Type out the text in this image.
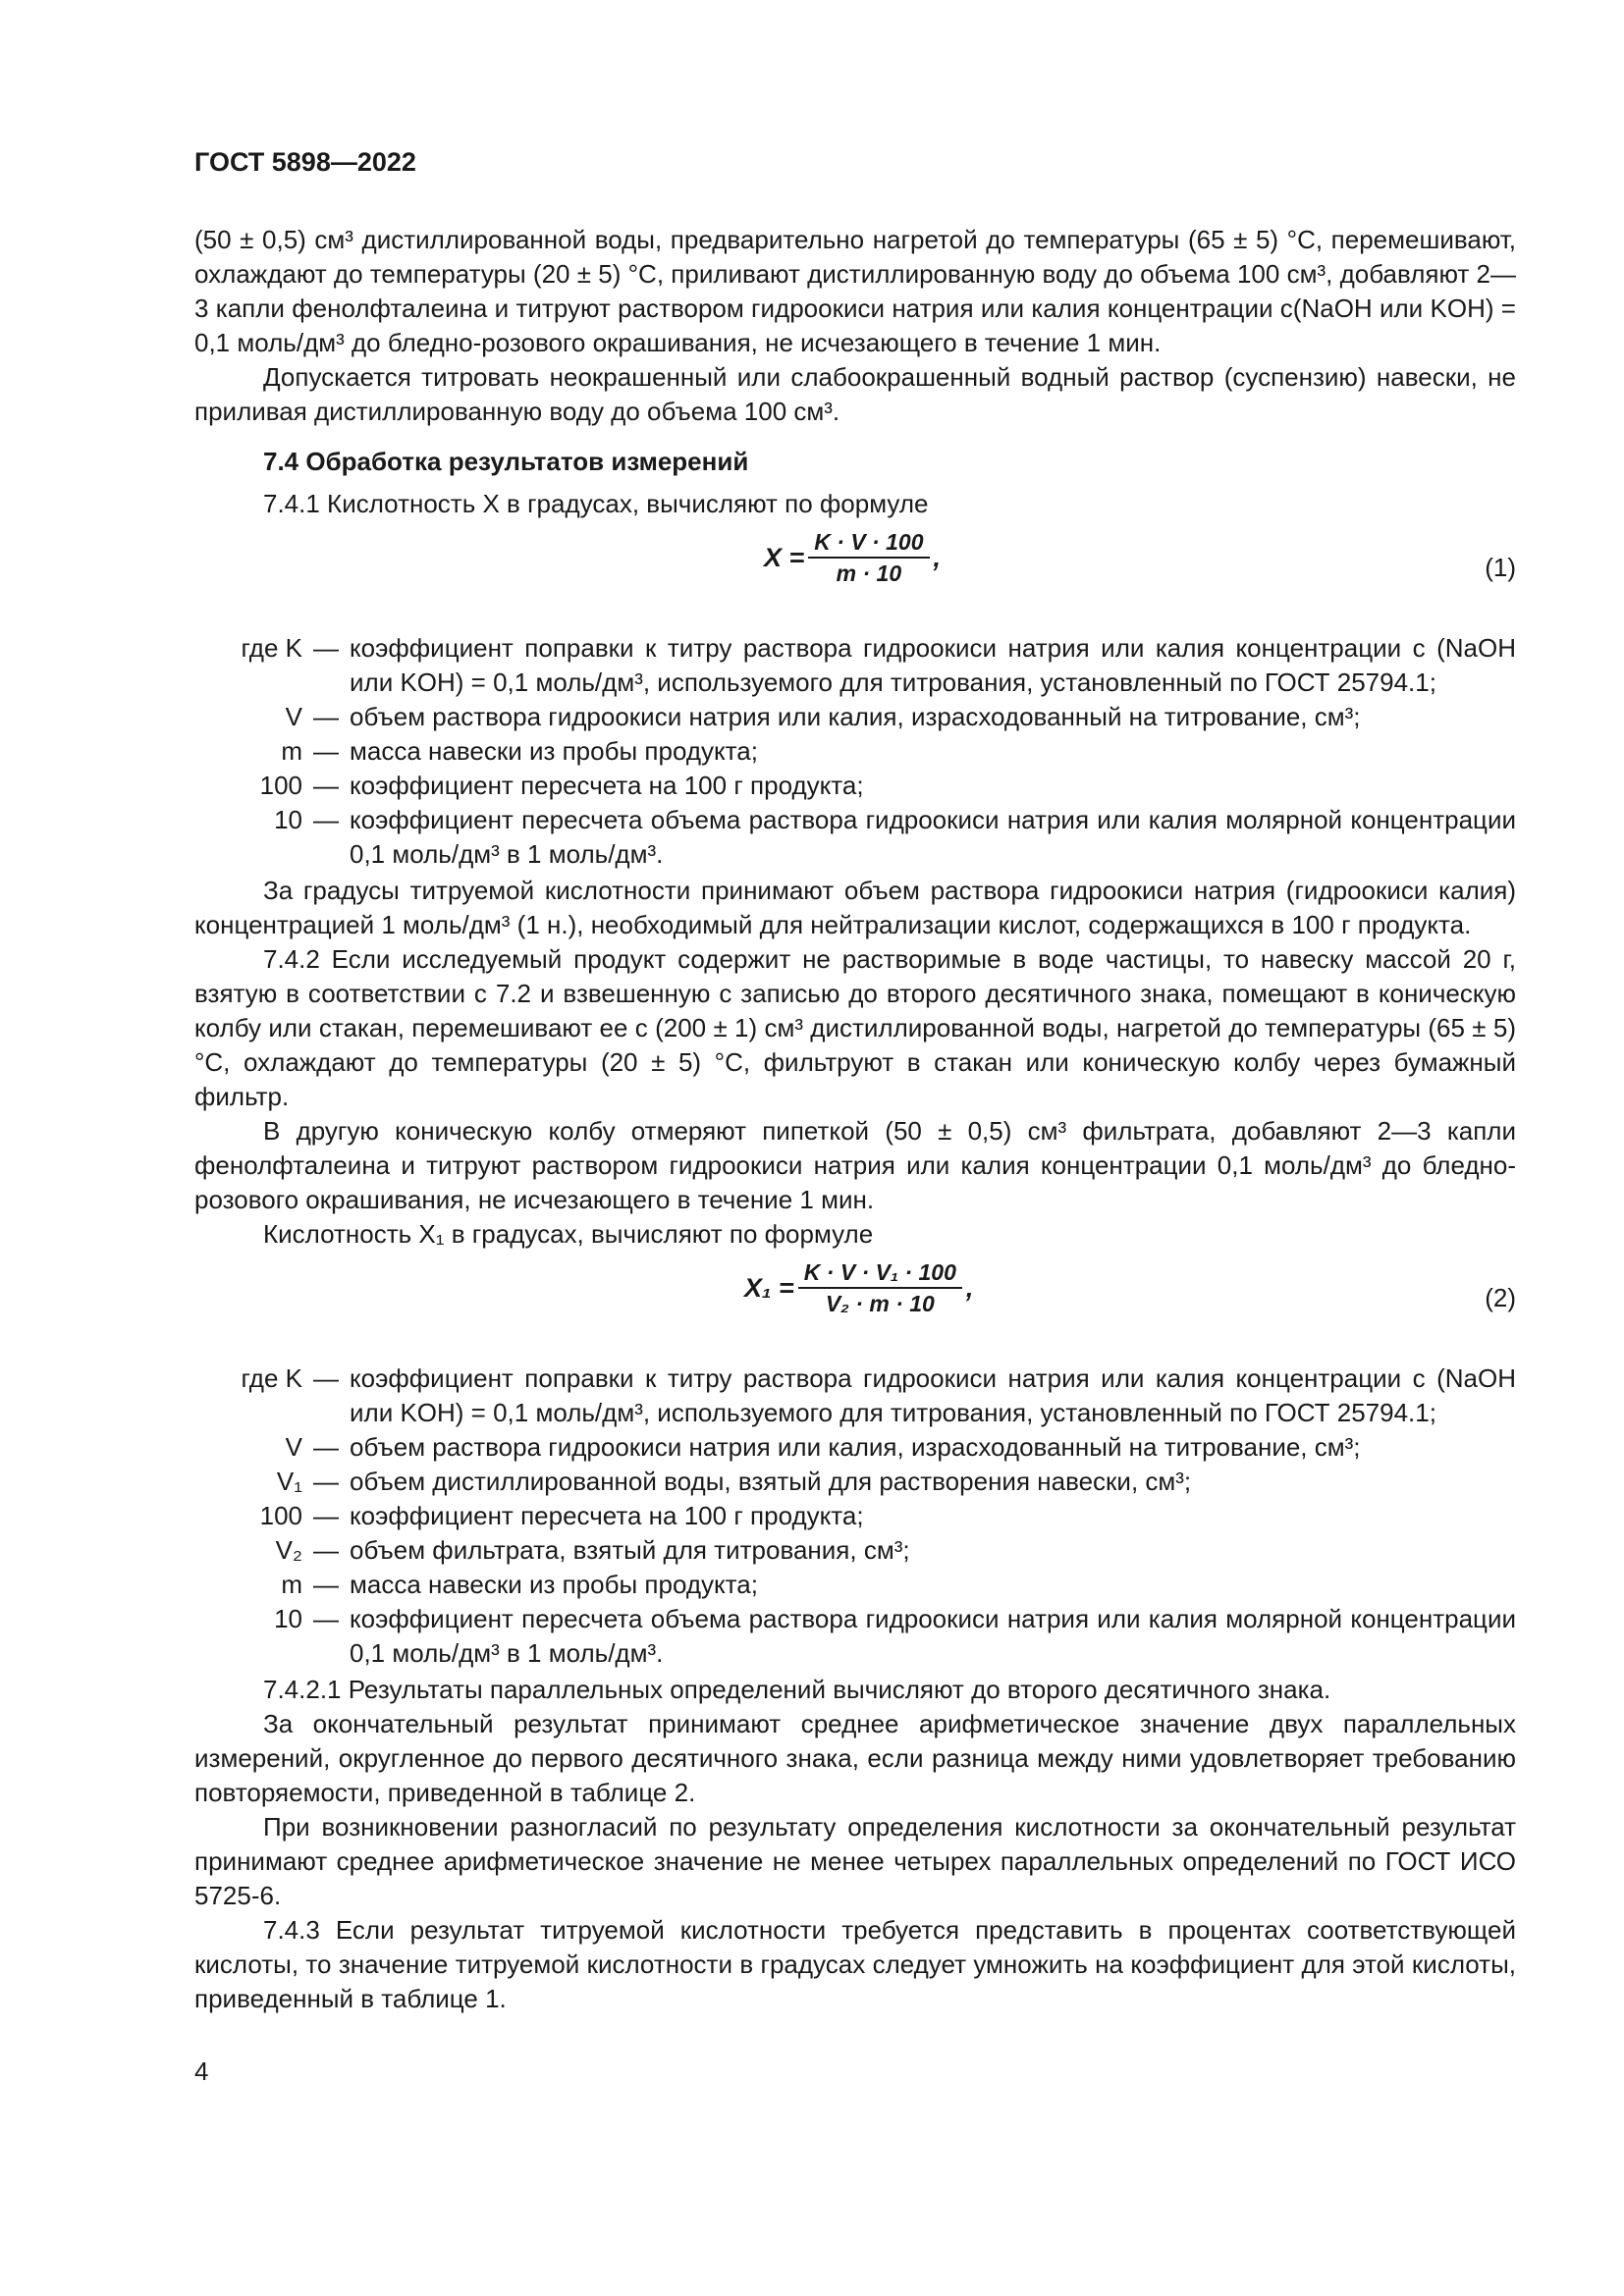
ГОСТ 5898—2022

(50 ± 0,5) см³ дистиллированной воды, предварительно нагретой до температуры (65 ± 5) °С, перемешивают, охлаждают до температуры (20 ± 5) °С, приливают дистиллированную воду до объема 100 см³, добавляют 2—3 капли фенолфталеина и титруют раствором гидроокиси натрия или калия концентрации c(NaOH или KOH) = 0,1 моль/дм³ до бледно-розового окрашивания, не исчезающего в течение 1 мин.

Допускается титровать неокрашенный или слабоокрашенный водный раствор (суспензию) навески, не приливая дистиллированную воду до объема 100 см³.

7.4 Обработка результатов измерений

7.4.1 Кислотность X в градусах, вычисляют по формуле

$X = \frac{K \cdot V \cdot 100}{m \cdot 10}$ ,	(1)
где K — коэффициент поправки к титру раствора гидроокиси натрия или калия концентрации c (NaOH или KOH) = 0,1 моль/дм³, используемого для титрования, установленный по ГОСТ 25794.1;
V — объем раствора гидроокиси натрия или калия, израсходованный на титрование, см³;
m — масса навески из пробы продукта;
100 — коэффициент пересчета на 100 г продукта;
10 — коэффициент пересчета объема раствора гидроокиси натрия или калия молярной концентрации 0,1 моль/дм³ в 1 моль/дм³.

За градусы титруемой кислотности принимают объем раствора гидроокиси натрия (гидроокиси калия) концентрацией 1 моль/дм³ (1 н.), необходимый для нейтрализации кислот, содержащихся в 100 г продукта.

7.4.2 Если исследуемый продукт содержит не растворимые в воде частицы, то навеску массой 20 г, взятую в соответствии с 7.2 и взвешенную с записью до второго десятичного знака, помещают в коническую колбу или стакан, перемешивают ее с (200 ± 1) см³ дистиллированной воды, нагретой до температуры (65 ± 5) °С, охлаждают до температуры (20 ± 5) °С, фильтруют в стакан или коническую колбу через бумажный фильтр.

В другую коническую колбу отмеряют пипеткой (50 ± 0,5) см³ фильтрата, добавляют 2—3 капли фенолфталеина и титруют раствором гидроокиси натрия или калия концентрации 0,1 моль/дм³ до бледно-розового окрашивания, не исчезающего в течение 1 мин.

Кислотность X₁ в градусах, вычисляют по формуле

$X_1 = \frac{\text{K · V · V₁ · 100}}{\text{V₂ · m · 10}}$ ,	(2)
где K — коэффициент поправки к титру раствора гидроокиси натрия или калия концентрации c (NaOH или KOH) = 0,1 моль/дм³, используемого для титрования, установленный по ГОСТ 25794.1;
V — объем раствора гидроокиси натрия или калия, израсходованный на титрование, см³;
V₁ — объем дистиллированной воды, взятый для растворения навески, см³;
100 — коэффициент пересчета на 100 г продукта;
V₂ — объем фильтрата, взятый для титрования, см³;
m — масса навески из пробы продукта;
10 — коэффициент пересчета объема раствора гидроокиси натрия или калия молярной концентрации 0,1 моль/дм³ в 1 моль/дм³.

7.4.2.1 Результаты параллельных определений вычисляют до второго десятичного знака.

За окончательный результат принимают среднее арифметическое значение двух параллельных измерений, округленное до первого десятичного знака, если разница между ними удовлетворяет требованию повторяемости, приведенной в таблице 2.

При возникновении разногласий по результату определения кислотности за окончательный результат принимают среднее арифметическое значение не менее четырех параллельных определений по ГОСТ ИСО 5725-6.

7.4.3 Если результат титруемой кислотности требуется представить в процентах соответствующей кислоты, то значение титруемой кислотности в градусах следует умножить на коэффициент для этой кислоты, приведенный в таблице 1.

4
